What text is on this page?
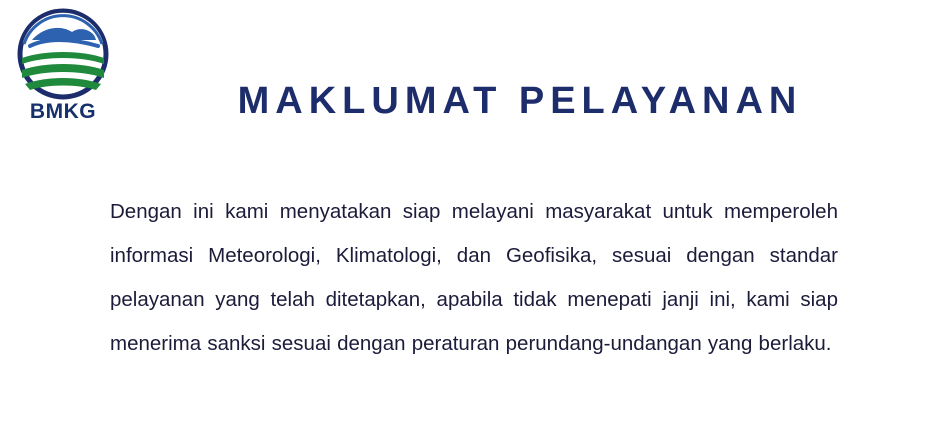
BMKG	MAKLUMAT PELAYANAN
Dengan ini kami menyatakan siap melayani masyarakat untuk memperoleh informasi Meteorologi, Klimatologi, dan Geofisika, sesuai dengan standar pelayanan yang telah ditetapkan, apabila tidak menepati janji ini, kami siap menerima sanksi sesuai dengan peraturan perundang-undangan yang berlaku.
